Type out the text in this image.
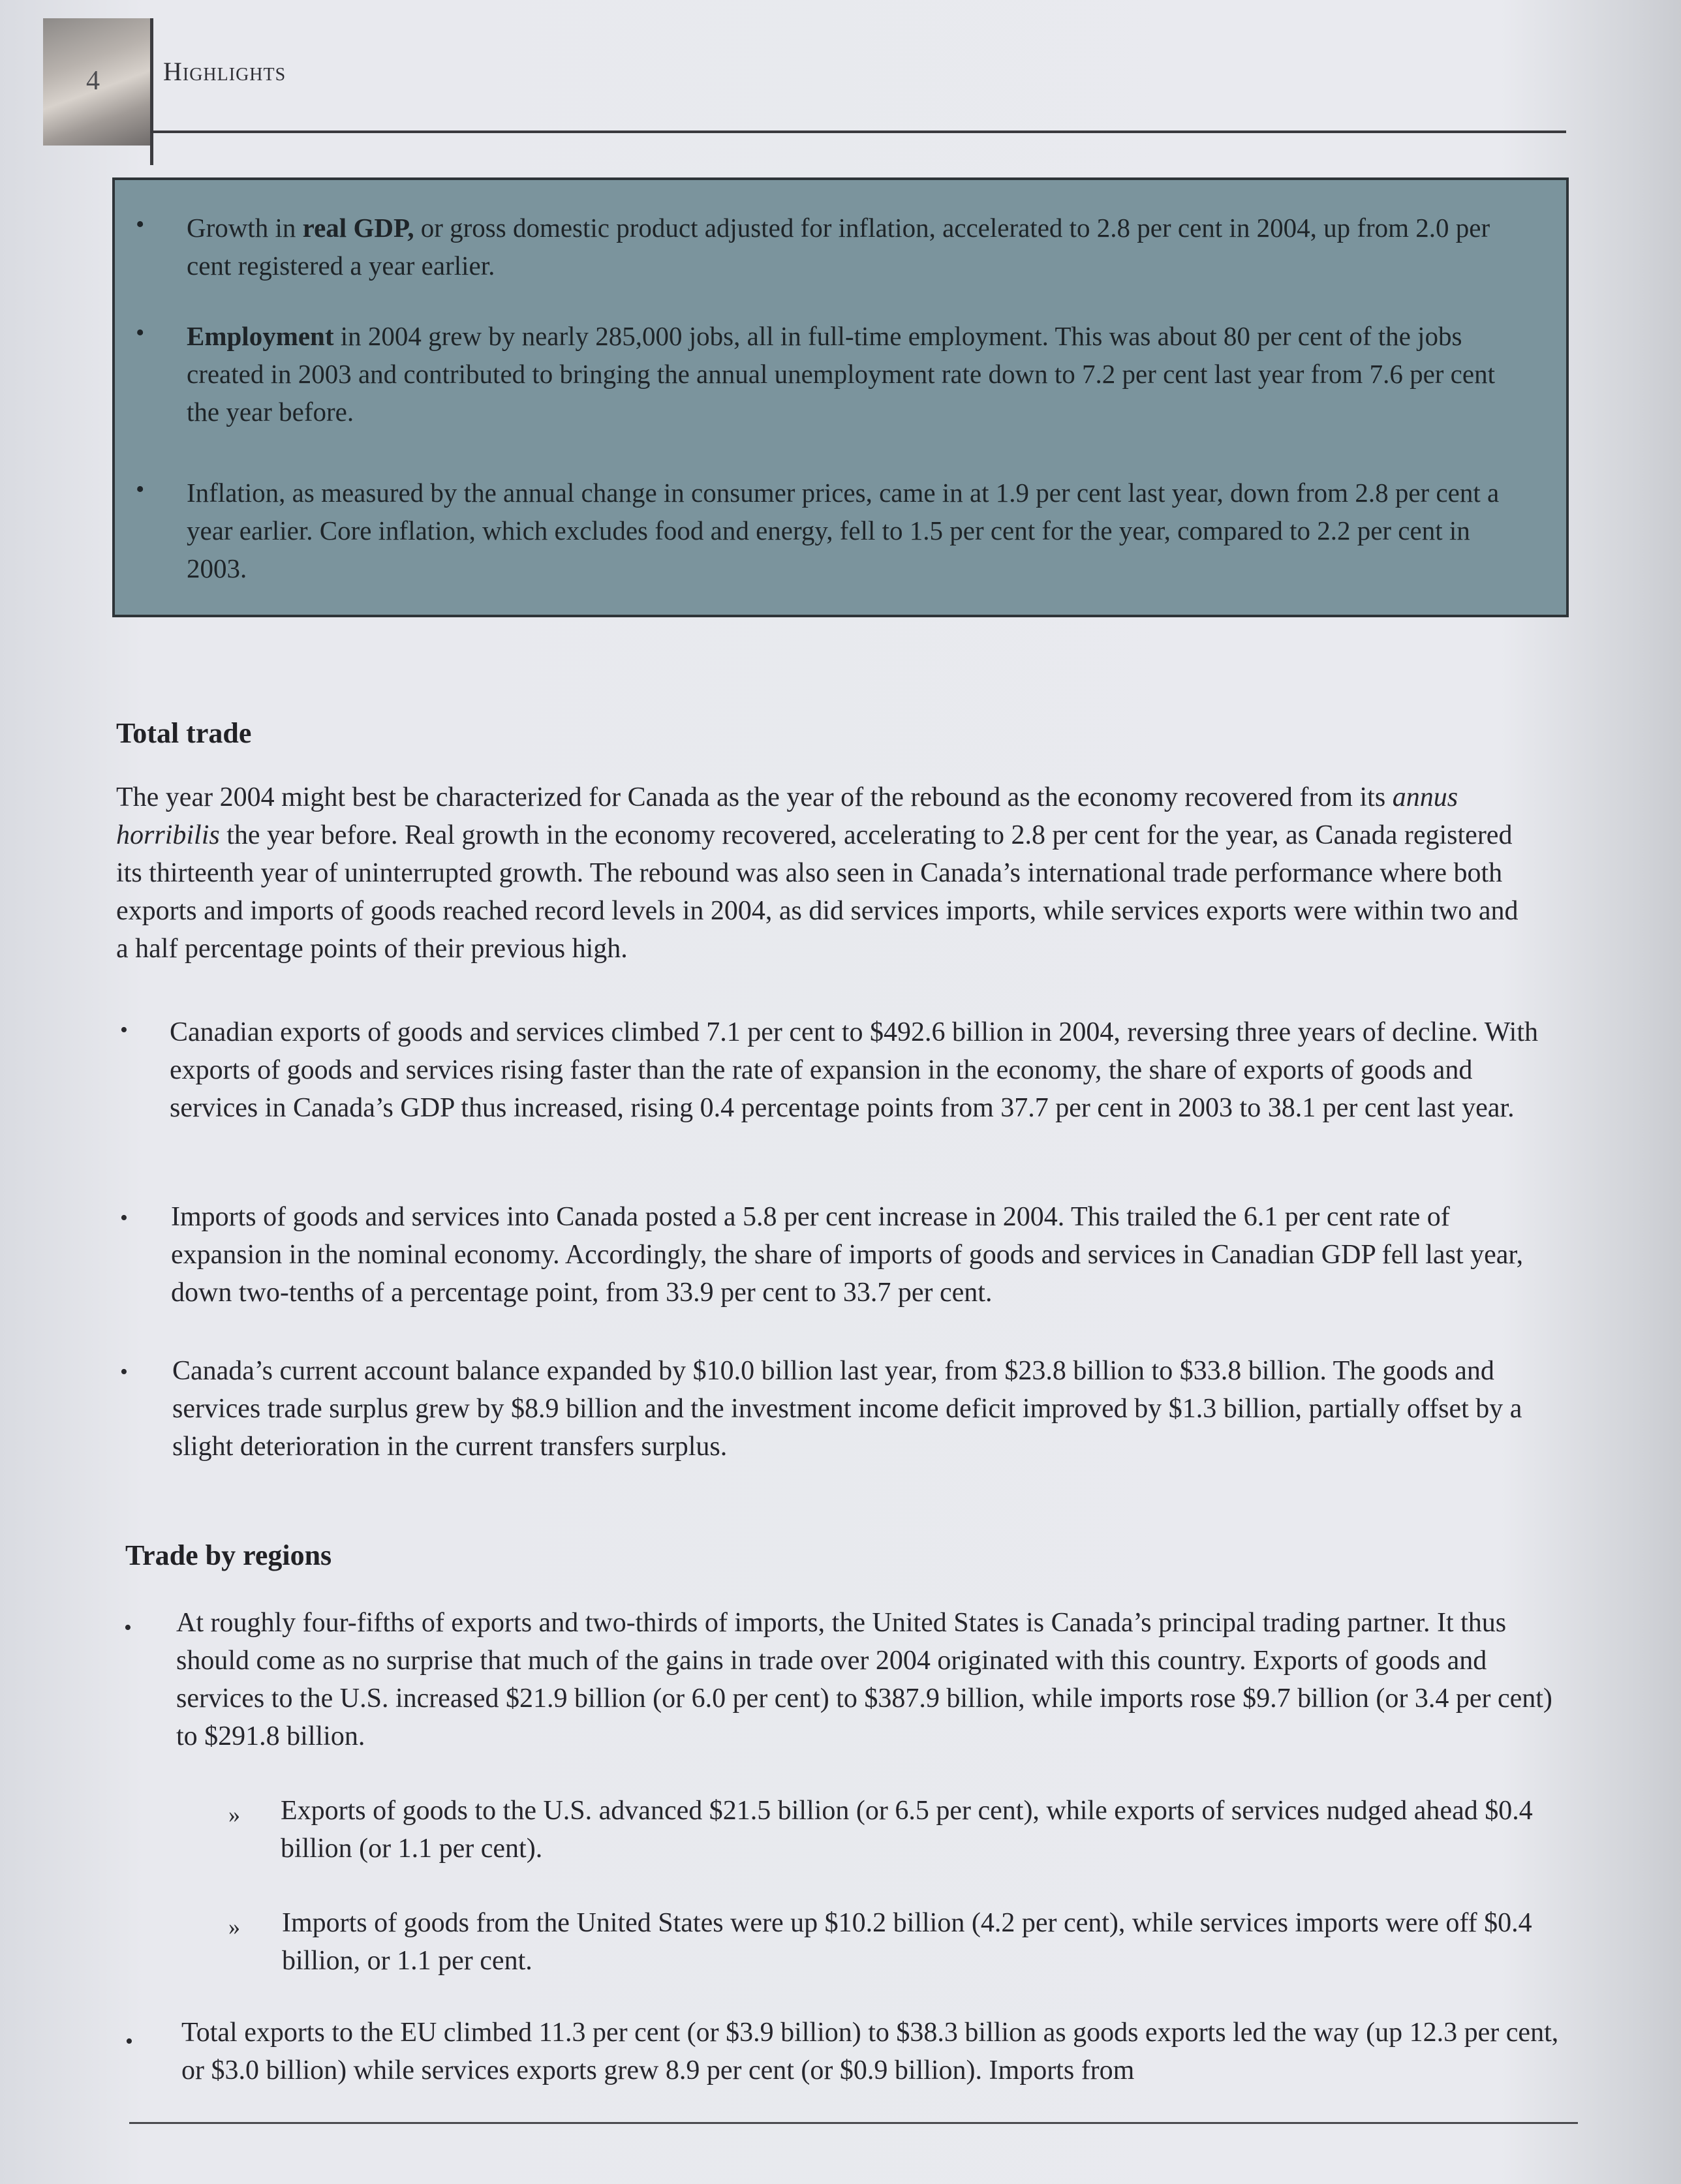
4 Highlights
• Growth in real GDP, or gross domestic product adjusted for inflation, accelerated to 2.8 per cent in 2004, up from 2.0 per cent registered a year earlier.
• Employment in 2004 grew by nearly 285,000 jobs, all in full-time employment. This was about 80 per cent of the jobs created in 2003 and contributed to bringing the annual unemployment rate down to 7.2 per cent last year from 7.6 per cent the year before.
• Inflation, as measured by the annual change in consumer prices, came in at 1.9 per cent last year, down from 2.8 per cent a year earlier. Core inflation, which excludes food and energy, fell to 1.5 per cent for the year, compared to 2.2 per cent in 2003.
Total trade
The year 2004 might best be characterized for Canada as the year of the rebound as the economy recovered from its annus horribilis the year before. Real growth in the economy recovered, accelerating to 2.8 per cent for the year, as Canada registered its thirteenth year of uninterrupted growth. The rebound was also seen in Canada’s international trade performance where both exports and imports of goods reached record levels in 2004, as did services imports, while services exports were within two and a half percentage points of their previous high.
• Canadian exports of goods and services climbed 7.1 per cent to $492.6 billion in 2004, reversing three years of decline. With exports of goods and services rising faster than the rate of expansion in the economy, the share of exports of goods and services in Canada’s GDP thus increased, rising 0.4 percentage points from 37.7 per cent in 2003 to 38.1 per cent last year.
• Imports of goods and services into Canada posted a 5.8 per cent increase in 2004. This trailed the 6.1 per cent rate of expansion in the nominal economy. Accordingly, the share of imports of goods and services in Canadian GDP fell last year, down two-tenths of a percentage point, from 33.9 per cent to 33.7 per cent.
• Canada’s current account balance expanded by $10.0 billion last year, from $23.8 billion to $33.8 billion. The goods and services trade surplus grew by $8.9 billion and the investment income deficit improved by $1.3 billion, partially offset by a slight deterioration in the current transfers surplus.
Trade by regions
• At roughly four-fifths of exports and two-thirds of imports, the United States is Canada’s principal trading partner. It thus should come as no surprise that much of the gains in trade over 2004 originated with this country. Exports of goods and services to the U.S. increased $21.9 billion (or 6.0 per cent) to $387.9 billion, while imports rose $9.7 billion (or 3.4 per cent) to $291.8 billion.
» Exports of goods to the U.S. advanced $21.5 billion (or 6.5 per cent), while exports of services nudged ahead $0.4 billion (or 1.1 per cent).
» Imports of goods from the United States were up $10.2 billion (4.2 per cent), while services imports were off $0.4 billion, or 1.1 per cent.
• Total exports to the EU climbed 11.3 per cent (or $3.9 billion) to $38.3 billion as goods exports led the way (up 12.3 per cent, or $3.0 billion) while services exports grew 8.9 per cent (or $0.9 billion). Imports from
